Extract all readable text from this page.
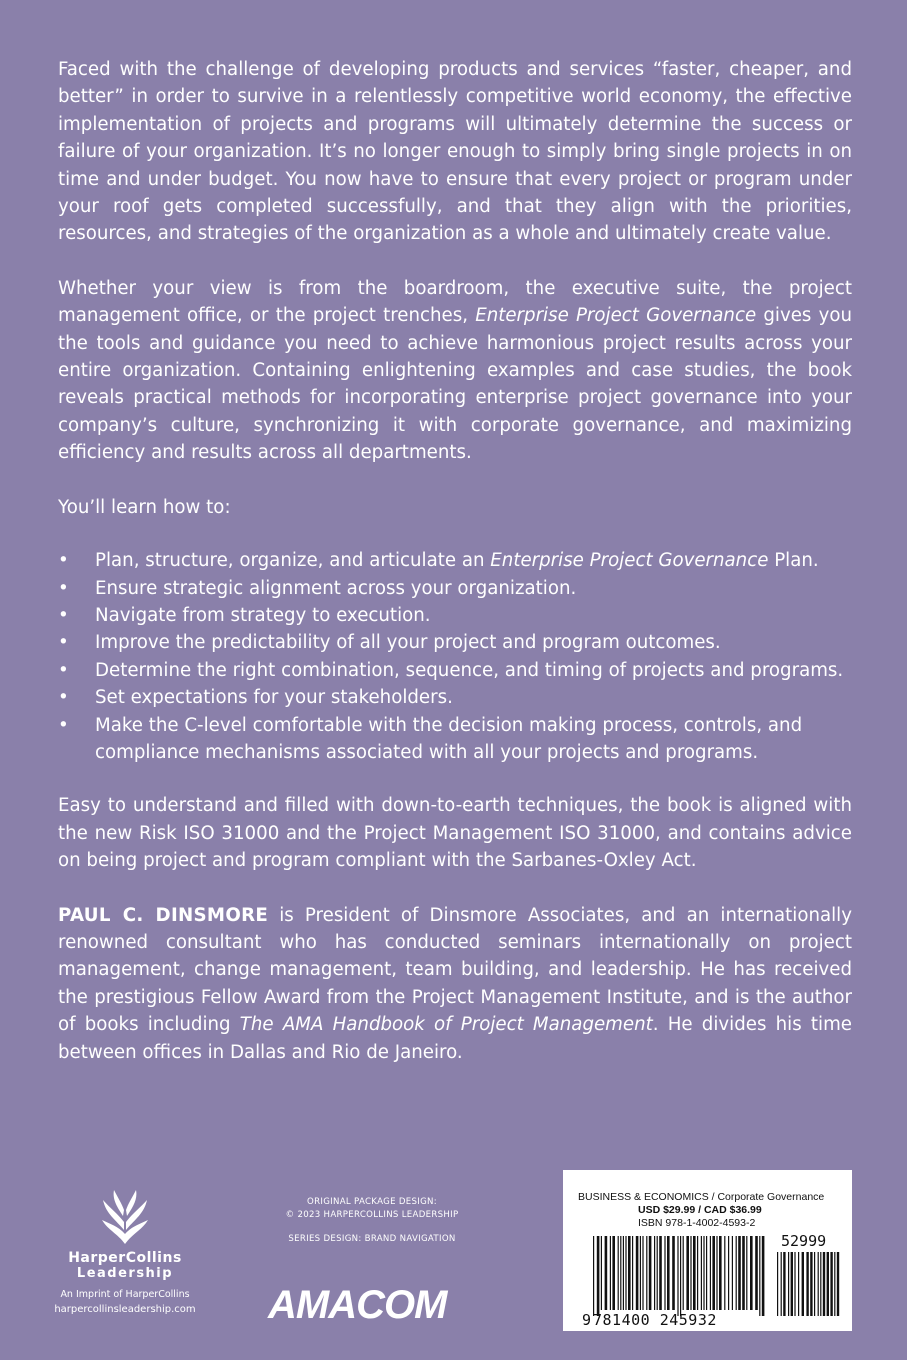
Faced with the challenge of developing products and services “faster, cheaper, and better” in order to survive in a relentlessly competitive world economy, the effective implementation of projects and programs will ultimately determine the success or failure of your organization. It’s no longer enough to simply bring single projects in on time and under budget. You now have to ensure that every project or program under your roof gets completed successfully, and that they align with the priorities, resources, and strategies of the organization as a whole and ultimately create value.

Whether your view is from the boardroom, the executive suite, the project management office, or the project trenches, Enterprise Project Governance gives you the tools and guidance you need to achieve harmonious project results across your entire organization. Containing enlightening examples and case studies, the book reveals practical methods for incorporating enterprise project governance into your company’s culture, synchronizing it with corporate governance, and maximizing efficiency and results across all departments.

You’ll learn how to:

• Plan, structure, organize, and articulate an Enterprise Project Governance Plan.
• Ensure strategic alignment across your organization.
• Navigate from strategy to execution.
• Improve the predictability of all your project and program outcomes.
• Determine the right combination, sequence, and timing of projects and programs.
• Set expectations for your stakeholders.
• Make the C-level comfortable with the decision making process, controls, and compliance mechanisms associated with all your projects and programs.

Easy to understand and filled with down-to-earth techniques, the book is aligned with the new Risk ISO 31000 and the Project Management ISO 31000, and contains advice on being project and program compliant with the Sarbanes-Oxley Act.

PAUL C. DINSMORE is President of Dinsmore Associates, and an internationally renowned consultant who has conducted seminars internationally on project management, change management, team building, and leadership. He has received the prestigious Fellow Award from the Project Management Institute, and is the author of books including The AMA Handbook of Project Management. He divides his time between offices in Dallas and Rio de Janeiro.

HarperCollins
Leadership
An Imprint of HarperCollins
harpercollinsleadership.com
ORIGINAL PACKAGE DESIGN:
© 2023 HARPERCOLLINS LEADERSHIP
SERIES DESIGN: BRAND NAVIGATION
AMACOM
BUSINESS & ECONOMICS / Corporate Governance
USD $29.99 / CAD $36.99
ISBN 978-1-4002-4593-2
9 781400 245932
52999
